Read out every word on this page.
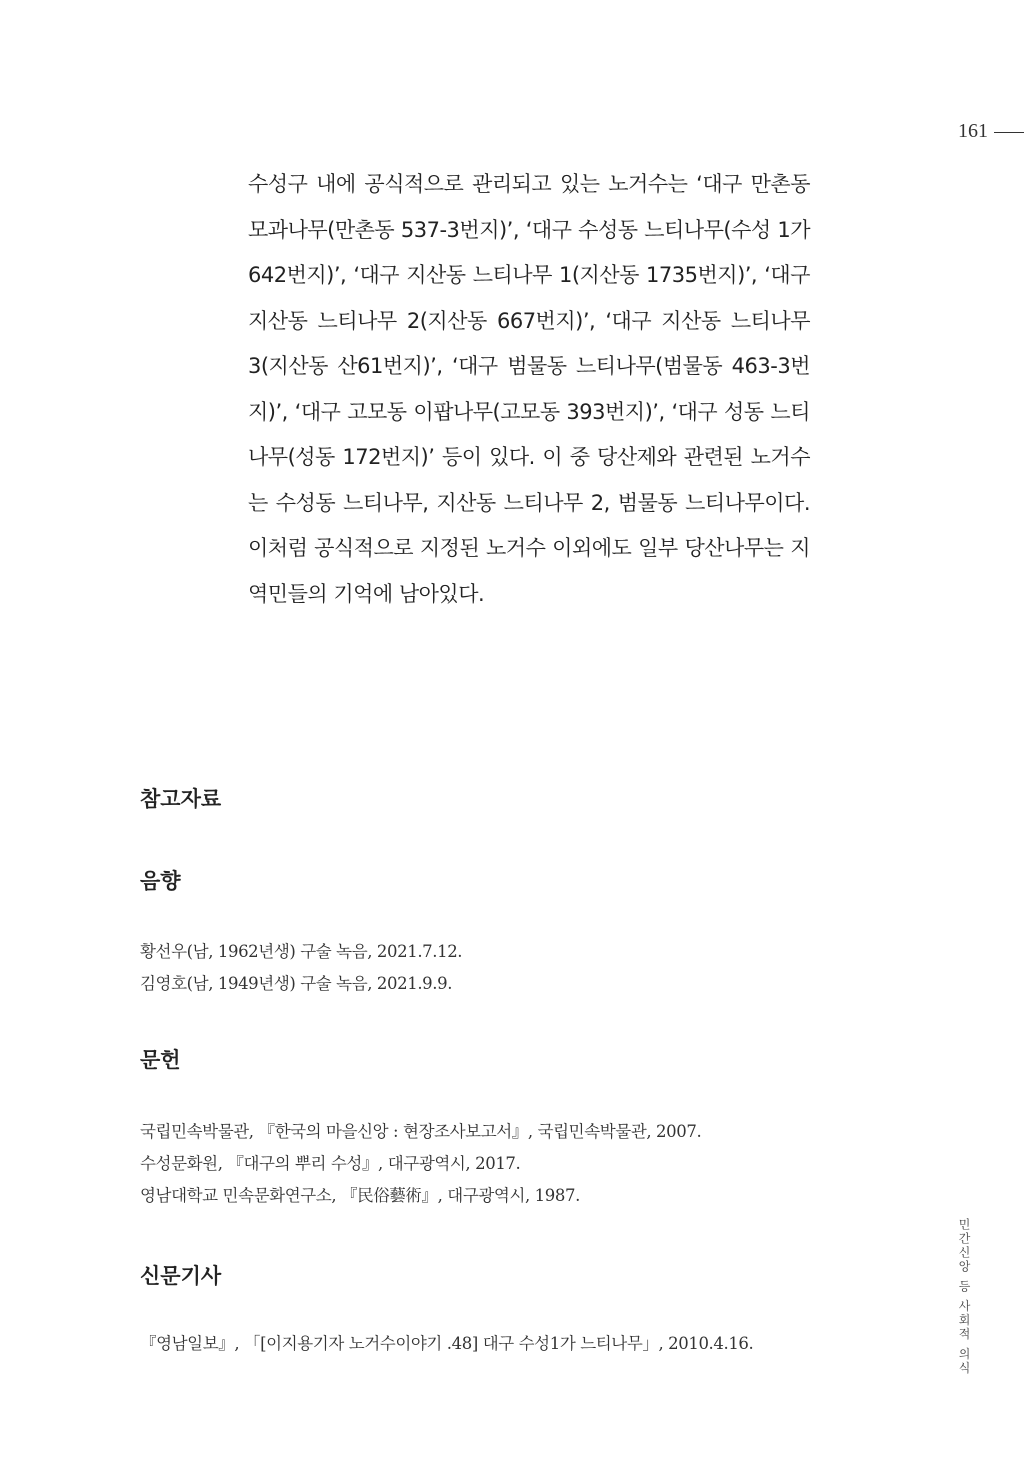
161

수성구 내에 공식적으로 관리되고 있는 노거수는 ‘대구 만촌동 모과나무(만촌동 537-3번지)’, ‘대구 수성동 느티나무(수성 1가 642번지)’, ‘대구 지산동 느티나무 1(지산동 1735번지)’, ‘대구 지산동 느티나무 2(지산동 667번지)’, ‘대구 지산동 느티나무 3(지산동 산61번지)’, ‘대구 범물동 느티나무(범물동 463-3번지)’, ‘대구 고모동 이팝나무(고모동 393번지)’, ‘대구 성동 느티나무(성동 172번지)’ 등이 있다. 이 중 당산제와 관련된 노거수는 수성동 느티나무, 지산동 느티나무 2, 범물동 느티나무이다. 이처럼 공식적으로 지정된 노거수 이외에도 일부 당산나무는 지역민들의 기억에 남아있다.

참고자료
음향
황선우(남, 1962년생) 구술 녹음, 2021.7.12.
김영호(남, 1949년생) 구술 녹음, 2021.9.9.
문헌
국립민속박물관, 『한국의 마을신앙 : 현장조사보고서』, 국립민속박물관, 2007.
수성문화원, 『대구의 뿌리 수성』, 대구광역시, 2017.
영남대학교 민속문화연구소, 『民俗藝術』, 대구광역시, 1987.
신문기사
『영남일보』, 「[이지용기자 노거수이야기 .48] 대구 수성1가 느티나무」, 2010.4.16.	민간신앙 등 사회적 의식
